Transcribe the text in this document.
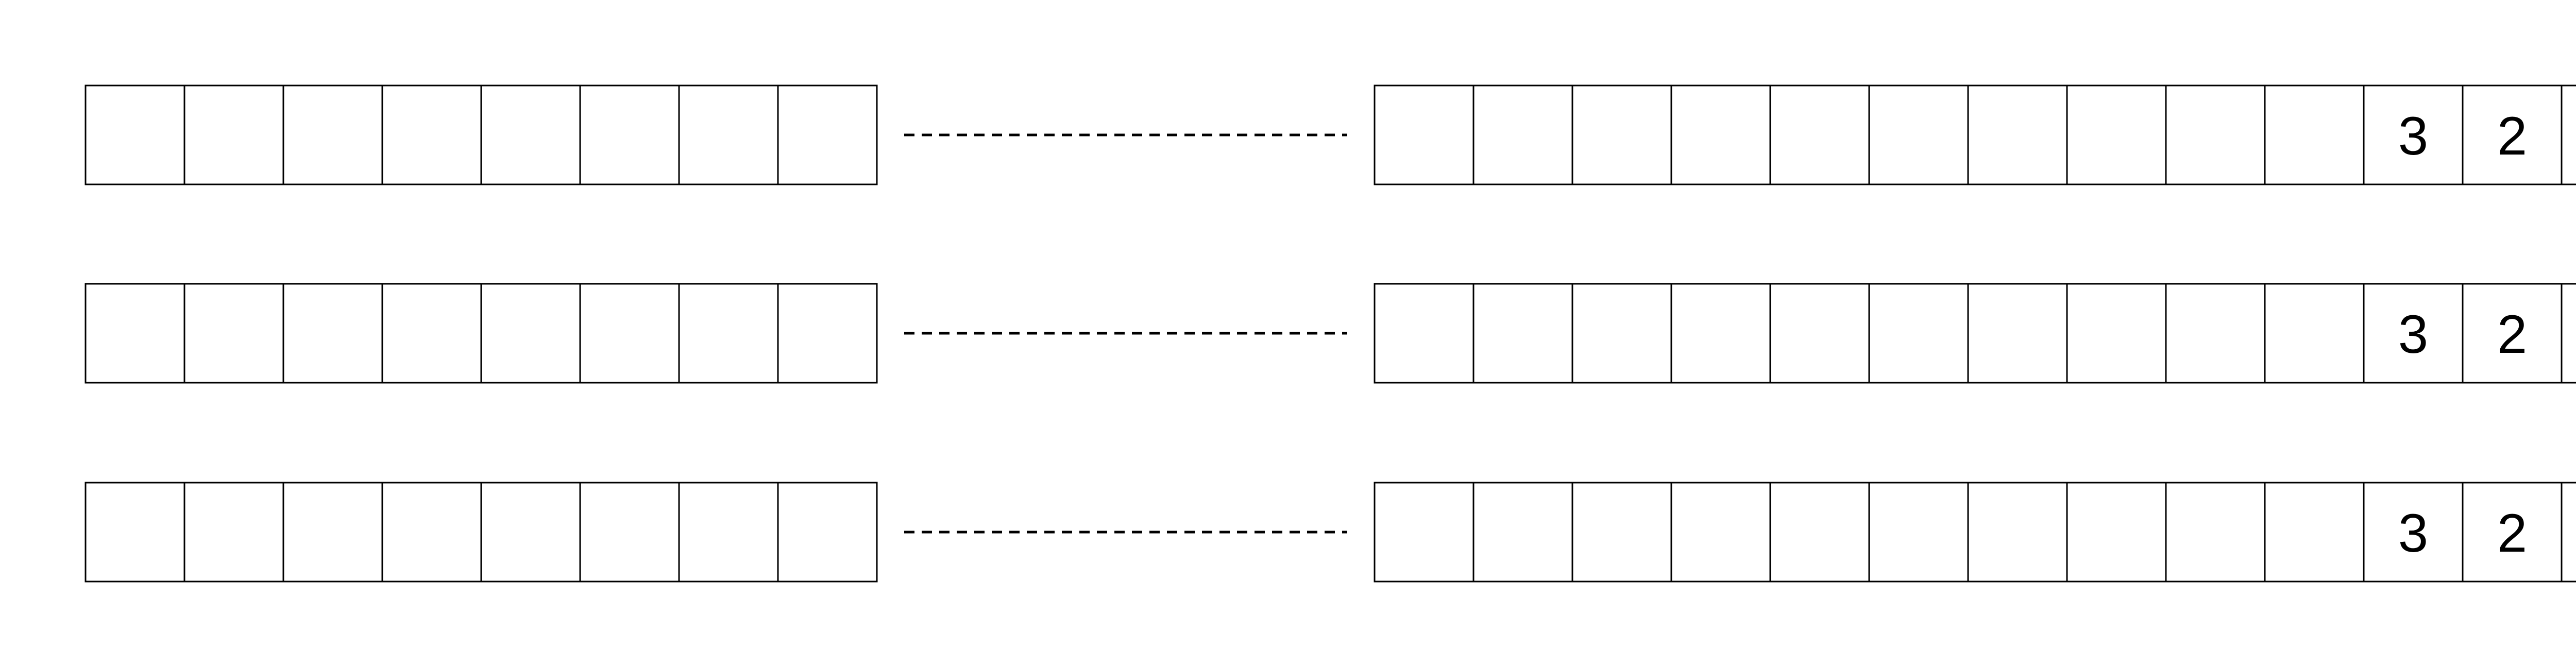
3 2
3 2
3 2
